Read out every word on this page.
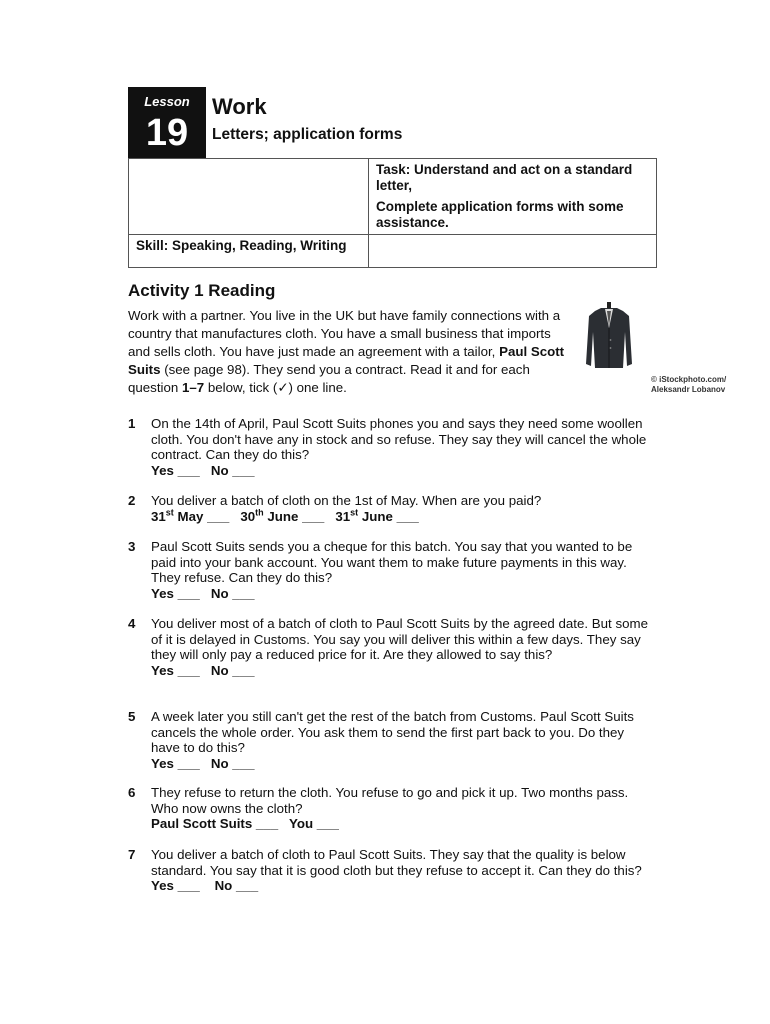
Lesson
19
Work
Letters; application forms

	Task: Understand and act on a standard letter,
Complete application forms with some assistance.

Skill: Speaking, Reading, Writing	
Activity 1 Reading
Work with a partner. You live in the UK but have family connections with a country that manufactures cloth. You have a small business that imports and sells cloth. You have just made an agreement with a tailor, Paul Scott Suits (see page 98). They send you a contract. Read it and for each question 1–7 below, tick (✓) one line.
© iStockphoto.com/
Aleksandr Lobanov
1 On the 14th of April, Paul Scott Suits phones you and says they need some woollen cloth. You don't have any in stock and so refuse. They say they will cancel the whole contract. Can they do this?
Yes ___   No ___
2 You deliver a batch of cloth on the 1st of May. When are you paid?
31st May ___   30th June ___   31st June ___
3 Paul Scott Suits sends you a cheque for this batch. You say that you wanted to be paid into your bank account. You want them to make future payments in this way. They refuse. Can they do this?
Yes ___   No ___
4 You deliver most of a batch of cloth to Paul Scott Suits by the agreed date. But some of it is delayed in Customs. You say you will deliver this within a few days. They say they will only pay a reduced price for it. Are they allowed to say this?
Yes ___   No ___
5 A week later you still can't get the rest of the batch from Customs. Paul Scott Suits cancels the whole order. You ask them to send the first part back to you. Do they have to do this?
Yes ___   No ___
6 They refuse to return the cloth. You refuse to go and pick it up. Two months pass. Who now owns the cloth?
Paul Scott Suits ___   You ___
7 You deliver a batch of cloth to Paul Scott Suits. They say that the quality is below standard. You say that it is good cloth but they refuse to accept it. Can they do this?
Yes ___    No ___
